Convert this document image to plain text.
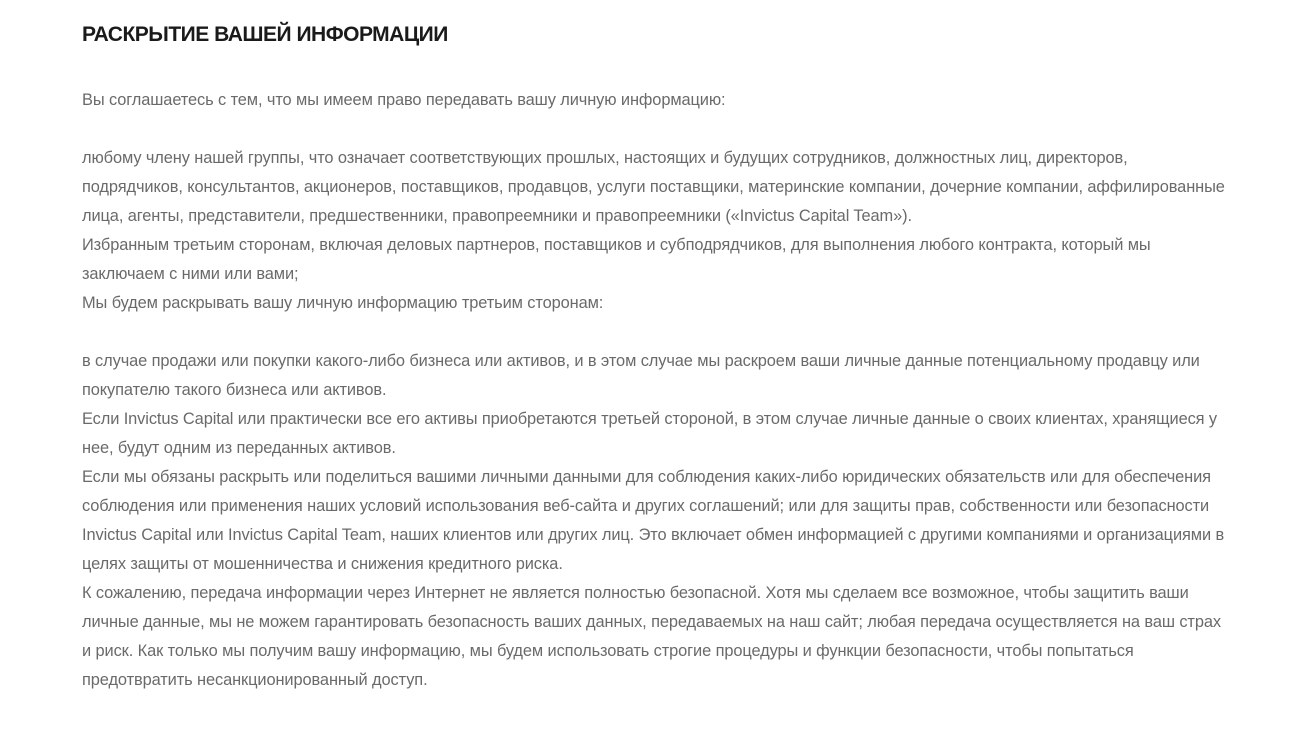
РАСКРЫТИЕ ВАШЕЙ ИНФОРМАЦИИ

Вы соглашаетесь с тем, что мы имеем право передавать вашу личную информацию:

любому члену нашей группы, что означает соответствующих прошлых, настоящих и будущих сотрудников, должностных лиц, директоров, подрядчиков, консультантов, акционеров, поставщиков, продавцов, услуги поставщики, материнские компании, дочерние компании, аффилированные лица, агенты, представители, предшественники, правопреемники и правопреемники («Invictus Capital Team»).

Избранным третьим сторонам, включая деловых партнеров, поставщиков и субподрядчиков, для выполнения любого контракта, который мы заключаем с ними или вами;

Мы будем раскрывать вашу личную информацию третьим сторонам:

в случае продажи или покупки какого-либо бизнеса или активов, и в этом случае мы раскроем ваши личные данные потенциальному продавцу или покупателю такого бизнеса или активов.

Если Invictus Capital или практически все его активы приобретаются третьей стороной, в этом случае личные данные о своих клиентах, хранящиеся у нее, будут одним из переданных активов.

Если мы обязаны раскрыть или поделиться вашими личными данными для соблюдения каких-либо юридических обязательств или для обеспечения соблюдения или применения наших условий использования веб-сайта и других соглашений; или для защиты прав, собственности или безопасности Invictus Capital или Invictus Capital Team, наших клиентов или других лиц. Это включает обмен информацией с другими компаниями и организациями в целях защиты от мошенничества и снижения кредитного риска.

К сожалению, передача информации через Интернет не является полностью безопасной. Хотя мы сделаем все возможное, чтобы защитить ваши личные данные, мы не можем гарантировать безопасность ваших данных, передаваемых на наш сайт; любая передача осуществляется на ваш страх и риск. Как только мы получим вашу информацию, мы будем использовать строгие процедуры и функции безопасности, чтобы попытаться предотвратить несанкционированный доступ.
